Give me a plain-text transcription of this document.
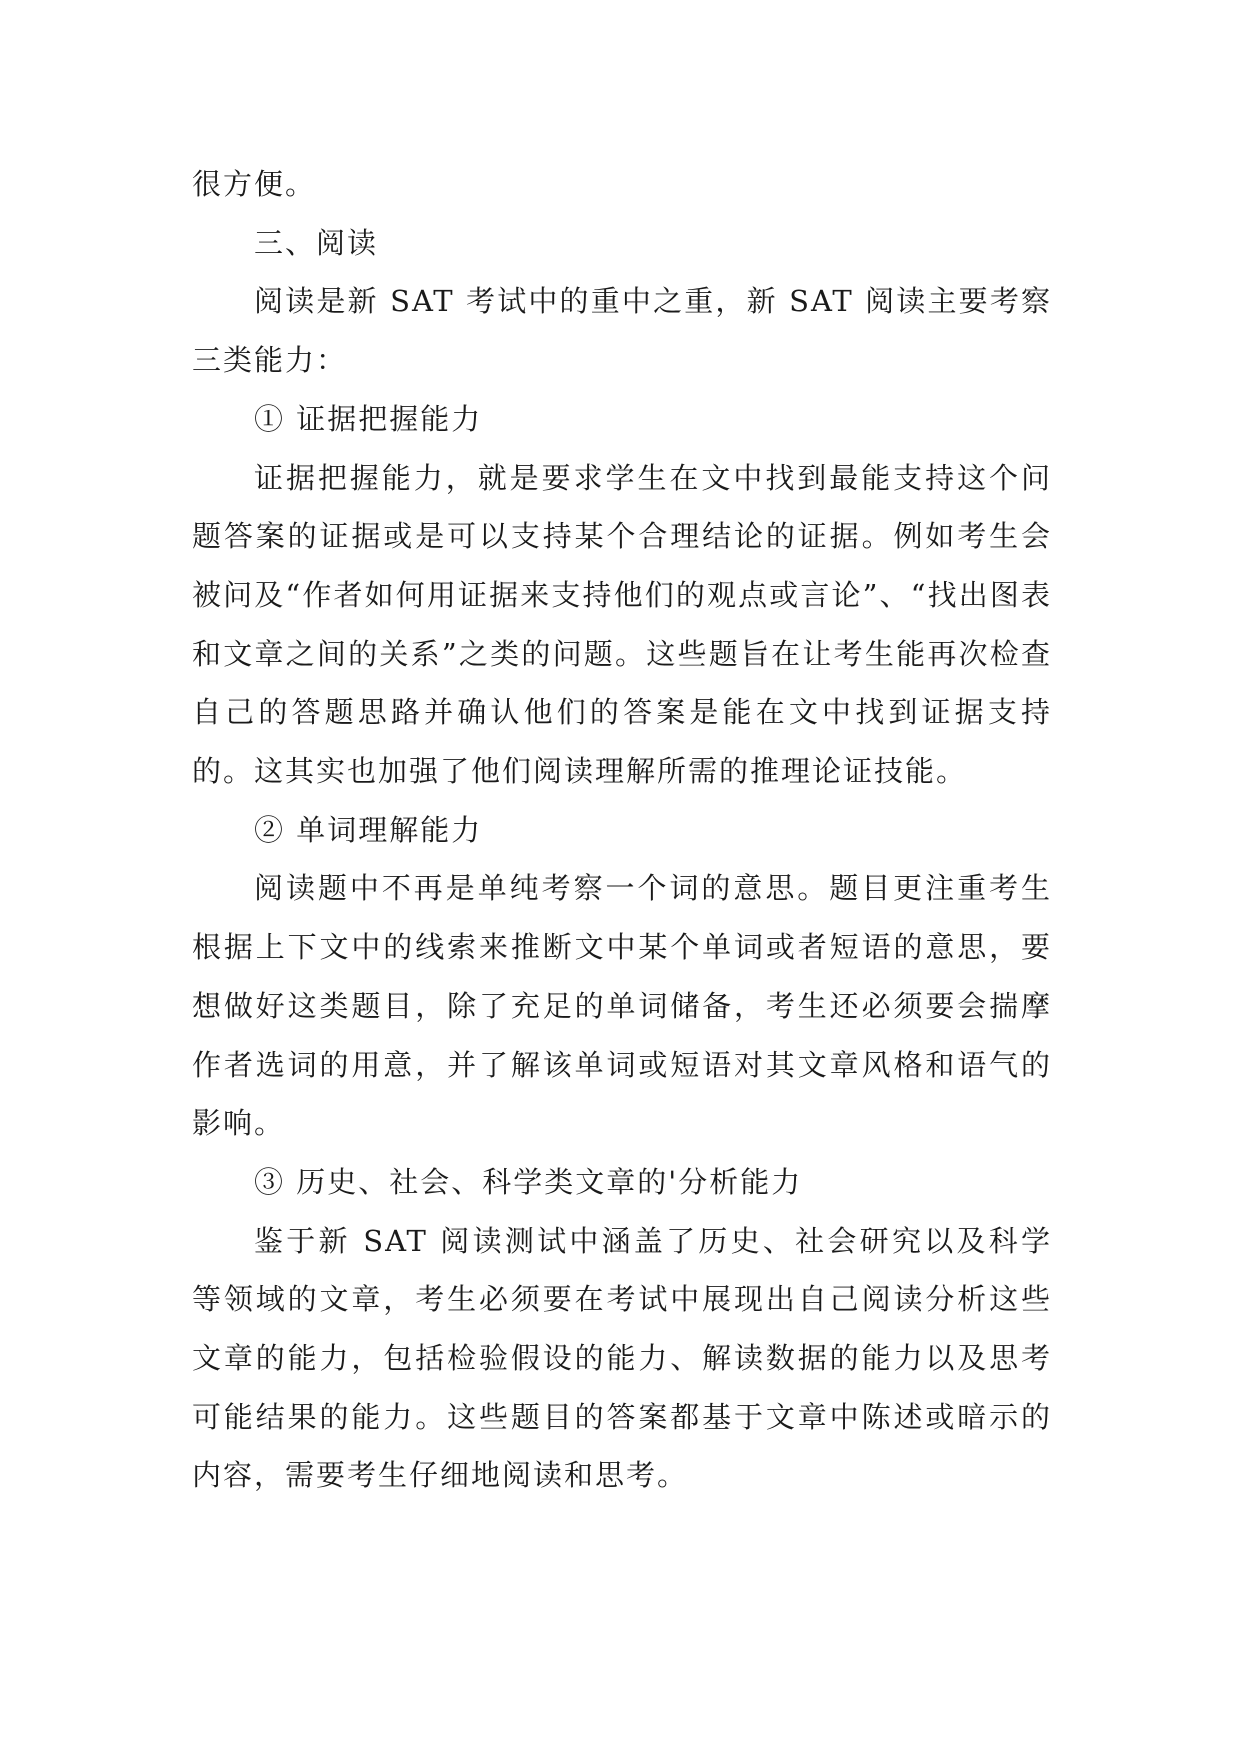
很方便。

三、阅读

阅读是新 SAT 考试中的重中之重，新 SAT 阅读主要考察三类能力：

① 证据把握能力

证据把握能力，就是要求学生在文中找到最能支持这个问题答案的证据或是可以支持某个合理结论的证据。例如考生会被问及“作者如何用证据来支持他们的观点或言论”、“找出图表和文章之间的关系”之类的问题。这些题旨在让考生能再次检查自己的答题思路并确认他们的答案是能在文中找到证据支持的。这其实也加强了他们阅读理解所需的推理论证技能。

② 单词理解能力

阅读题中不再是单纯考察一个词的意思。题目更注重考生根据上下文中的线索来推断文中某个单词或者短语的意思，要想做好这类题目，除了充足的单词储备，考生还必须要会揣摩作者选词的用意，并了解该单词或短语对其文章风格和语气的影响。

③ 历史、社会、科学类文章的'分析能力

鉴于新 SAT 阅读测试中涵盖了历史、社会研究以及科学等领域的文章，考生必须要在考试中展现出自己阅读分析这些文章的能力，包括检验假设的能力、解读数据的能力以及思考可能结果的能力。这些题目的答案都基于文章中陈述或暗示的内容，需要考生仔细地阅读和思考。
